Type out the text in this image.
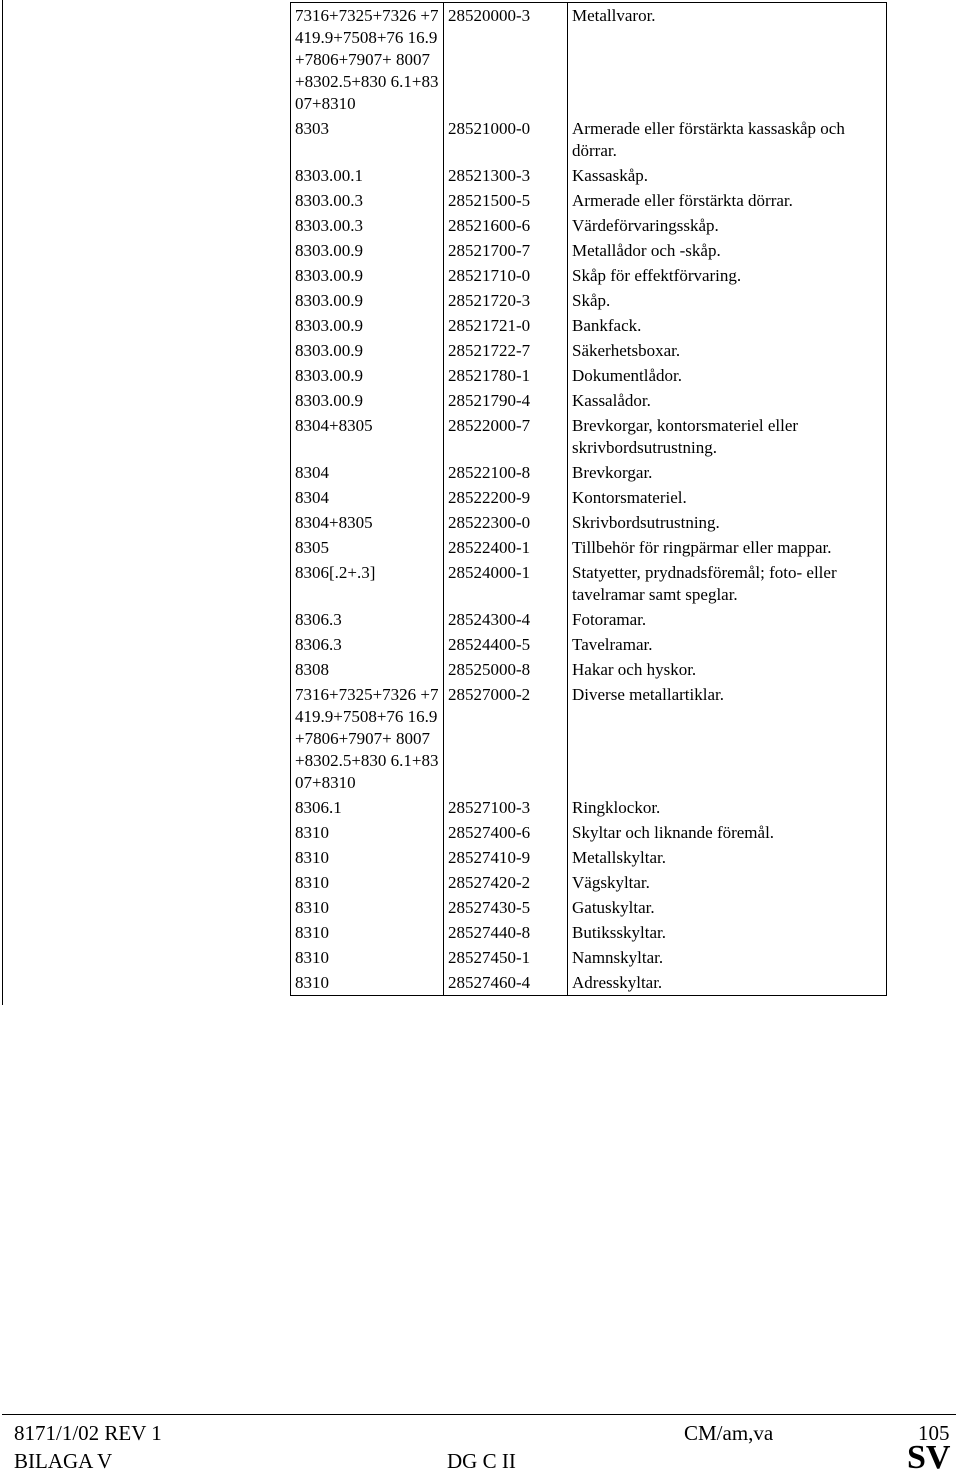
7316+7325+7326 +7419.9+7508+76 16.9+7806+7907+ 8007+8302.5+830 6.1+8307+8310	28520000-3	Metallvaror.
8303	28521000-0	Armerade eller förstärkta kassaskåp och dörrar.
8303.00.1	28521300-3	Kassaskåp.
8303.00.3	28521500-5	Armerade eller förstärkta dörrar.
8303.00.3	28521600-6	Värdeförvaringsskåp.
8303.00.9	28521700-7	Metallådor och -skåp.
8303.00.9	28521710-0	Skåp för effektförvaring.
8303.00.9	28521720-3	Skåp.
8303.00.9	28521721-0	Bankfack.
8303.00.9	28521722-7	Säkerhetsboxar.
8303.00.9	28521780-1	Dokumentlådor.
8303.00.9	28521790-4	Kassalådor.
8304+8305	28522000-7	Brevkorgar, kontorsmateriel eller skrivbordsutrustning.
8304	28522100-8	Brevkorgar.
8304	28522200-9	Kontorsmateriel.
8304+8305	28522300-0	Skrivbordsutrustning.
8305	28522400-1	Tillbehör för ringpärmar eller mappar.
8306[.2+.3]	28524000-1	Statyetter, prydnadsföremål; foto- eller tavelramar samt speglar.
8306.3	28524300-4	Fotoramar.
8306.3	28524400-5	Tavelramar.
8308	28525000-8	Hakar och hyskor.
7316+7325+7326 +7419.9+7508+76 16.9+7806+7907+ 8007+8302.5+830 6.1+8307+8310	28527000-2	Diverse metallartiklar.
8306.1	28527100-3	Ringklockor.
8310	28527400-6	Skyltar och liknande föremål.
8310	28527410-9	Metallskyltar.
8310	28527420-2	Vägskyltar.
8310	28527430-5	Gatuskyltar.
8310	28527440-8	Butiksskyltar.
8310	28527450-1	Namnskyltar.
8310	28527460-4	Adresskyltar.
8171/1/02 REV 1	CM/am,va	105
BILAGA V	DG C II	SV
